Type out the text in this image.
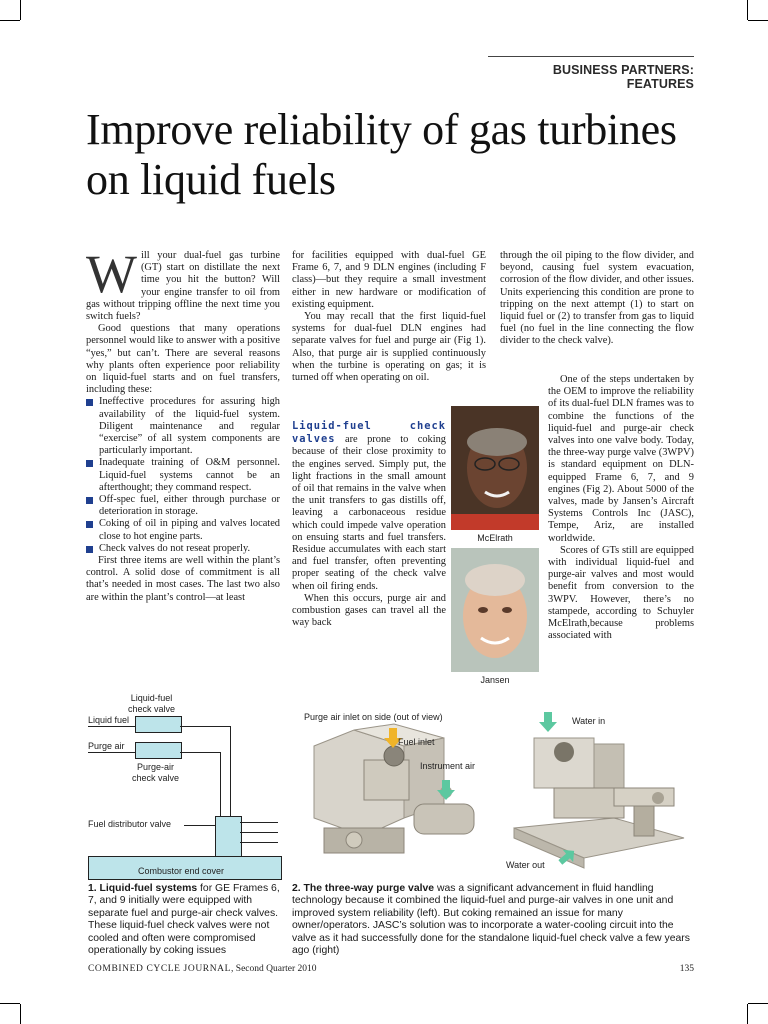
BUSINESS PARTNERS: FEATURES
Improve reliability of gas turbines on liquid fuels

Will your dual-fuel gas turbine (GT) start on distillate the next time you hit the button? Will your engine transfer to oil from gas without tripping offline the next time you switch fuels?

Good questions that many operations personnel would like to answer with a positive “yes,” but can’t. There are several reasons why plants often experience poor reliability on liquid-fuel starts and on fuel transfers, including these:

Ineffective procedures for assuring high availability of the liquid-fuel system. Diligent maintenance and regular “exercise” of all system components are particularly important.
Inadequate training of O&M personnel. Liquid-fuel systems cannot be an afterthought; they command respect.
Off-spec fuel, either through purchase or deterioration in storage.
Coking of oil in piping and valves located close to hot engine parts.
Check valves do not reseat properly.

First three items are well within the plant’s control. A solid dose of commitment is all that’s needed in most cases. The last two also are within the plant’s control—at least

for facilities equipped with dual-fuel GE Frame 6, 7, and 9 DLN engines (including F class)—but they require a small investment either in new hardware or modification of existing equipment.

You may recall that the first liquid-fuel systems for dual-fuel DLN engines had separate valves for fuel and purge air (Fig 1). Also, that purge air is supplied continuously when the turbine is operating on gas; it is turned off when operating on oil.

Liquid-fuel check valves are prone to coking because of their close proximity to the engines served. Simply put, the light fractions in the small amount of oil that remains in the valve when the unit transfers to gas distills off, leaving a carbonaceous residue which could impede valve operation on ensuing starts and fuel transfers. Residue accumulates with each start and fuel transfer, often preventing proper seating of the check valve when oil firing ends.

When this occurs, purge air and combustion gases can travel all the way back

McElrath
Jansen

through the oil piping to the flow divider, and beyond, causing fuel system evacuation, corrosion of the flow divider, and other issues. Units experiencing this condition are prone to tripping on the next attempt (1) to start on liquid fuel or (2) to transfer from gas to liquid fuel (no fuel in the line connecting the flow divider to the check valve).

One of the steps undertaken by the OEM to improve the reliability of its dual-fuel DLN frames was to combine the functions of the liquid-fuel and purge-air check valves into one valve body. Today, the three-way purge valve (3WPV) is standard equipment on DLN-equipped Frame 6, 7, and 9 engines (Fig 2). About 5000 of the valves, made by Jansen’s Aircraft Systems Controls Inc (JASC), Tempe, Ariz, are installed worldwide.

Scores of GTs still are equipped with individual liquid-fuel and purge-air valves and most would benefit from conversion to the 3WPV. However, there’s no stampede, according to Schuyler McElrath,because problems associated with

Liquid-fuel
check valve
Liquid fuel
Purge air
Purge-air
check valve
Fuel distributor valve
Combustor end cover
1. Liquid-fuel systems for GE Frames 6, 7, and 9 initially were equipped with separate fuel and purge-air check valves. These liquid-fuel check valves were not cooled and often were compromised operationally by coking issues
Purge air inlet on side (out of view)
Fuel inlet
Instrument air
Water in
Water out
2. The three-way purge valve was a significant advancement in fluid handling technology because it combined the liquid-fuel and purge-air valves in one unit and improved system reliability (left). But coking remained an issue for many owner/operators. JASC’s solution was to incorporate a water-cooling circuit into the valve as it had successfully done for the standalone liquid-fuel check valve a few years ago (right)
COMBINED CYCLE JOURNAL, Second Quarter 2010	135
